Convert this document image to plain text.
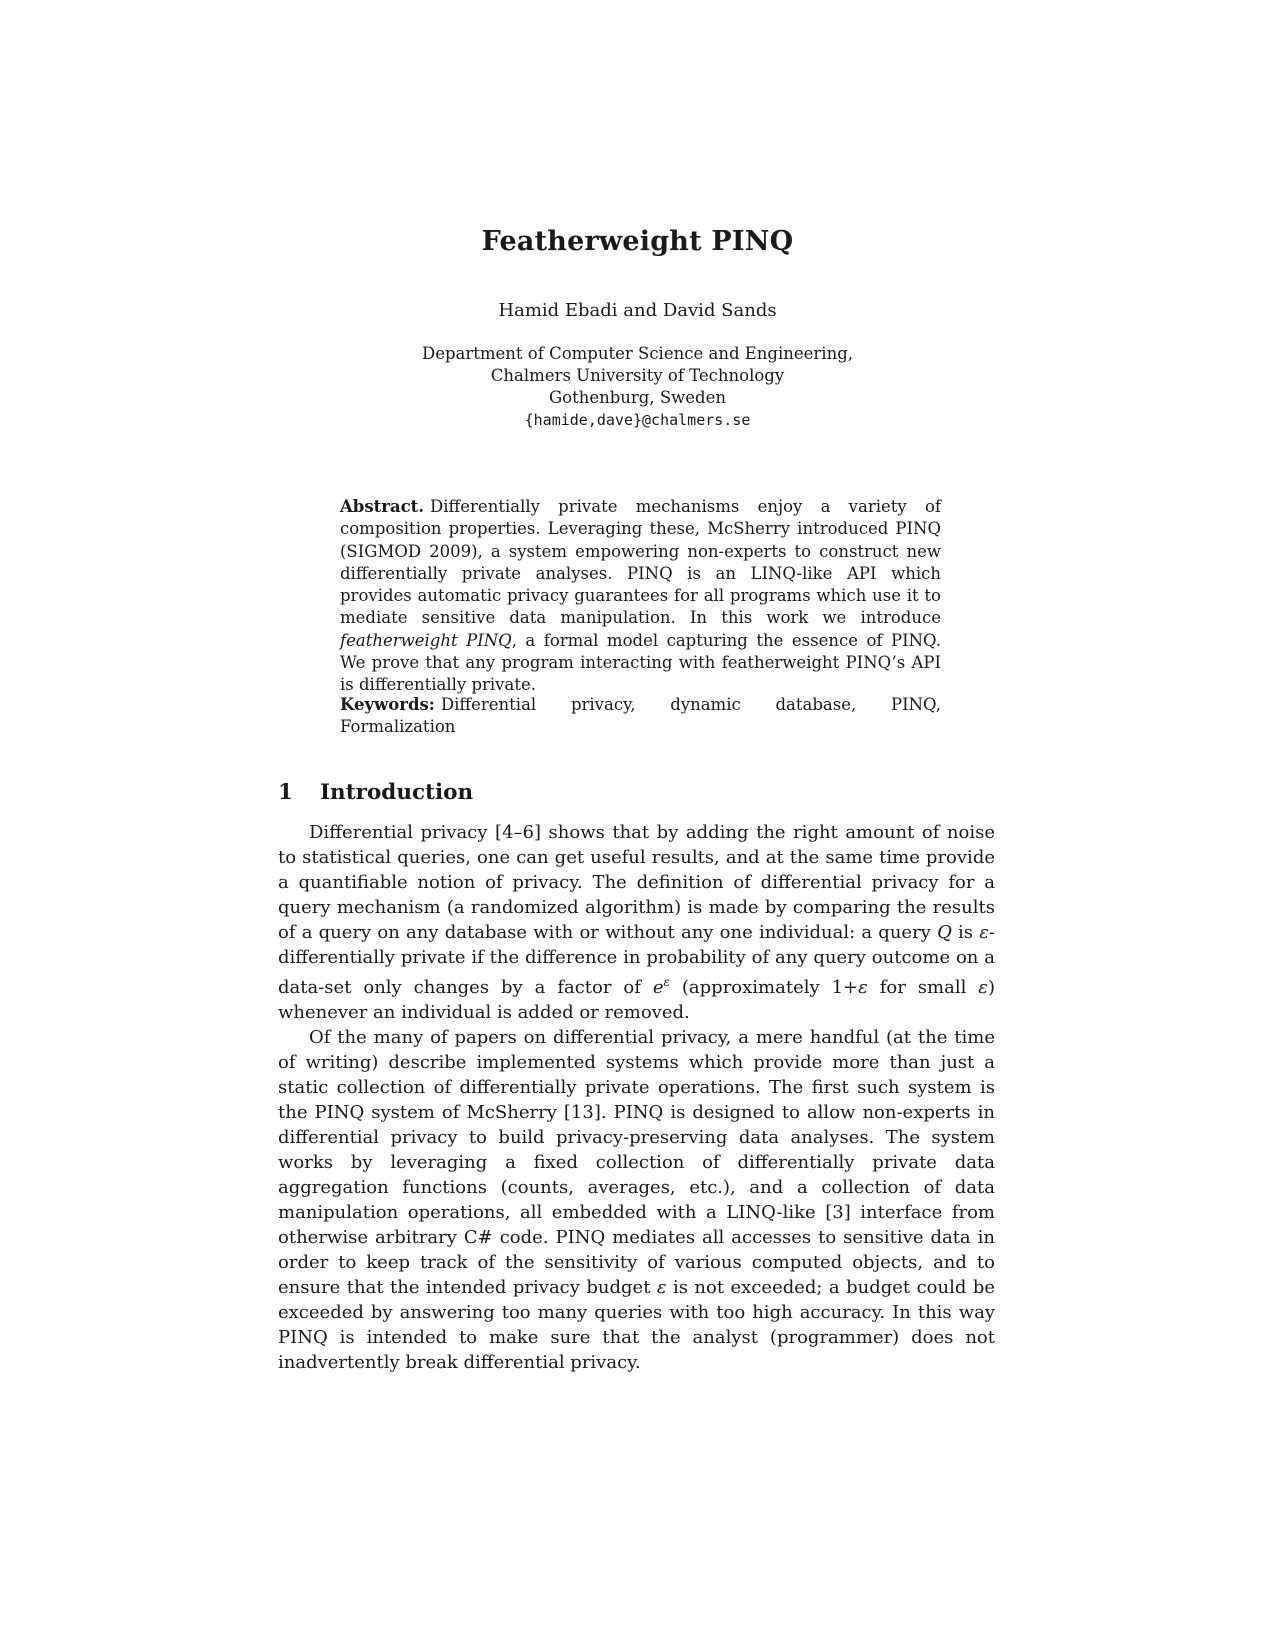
Featherweight PINQ
Hamid Ebadi and David Sands
Department of Computer Science and Engineering,
Chalmers University of Technology
Gothenburg, Sweden
{hamide,dave}@chalmers.se
Abstract. Differentially private mechanisms enjoy a variety of composition properties. Leveraging these, McSherry introduced PINQ (SIGMOD 2009), a system empowering non-experts to construct new differentially private analyses. PINQ is an LINQ-like API which provides automatic privacy guarantees for all programs which use it to mediate sensitive data manipulation. In this work we introduce featherweight PINQ, a formal model capturing the essence of PINQ. We prove that any program interacting with featherweight PINQ’s API is differentially private.
Keywords: Differential privacy, dynamic database, PINQ, Formalization
1 Introduction

Differential privacy [4–6] shows that by adding the right amount of noise to statistical queries, one can get useful results, and at the same time provide a quantifiable notion of privacy. The definition of differential privacy for a query mechanism (a randomized algorithm) is made by comparing the results of a query on any database with or without any one individual: a query Q is ε-differentially private if the difference in probability of any query outcome on a data-set only changes by a factor of $e^\varepsilon$ (approximately 1+ε for small ε) whenever an individual is added or removed.

Of the many of papers on differential privacy, a mere handful (at the time of writing) describe implemented systems which provide more than just a static collection of differentially private operations. The first such system is the PINQ system of McSherry [13]. PINQ is designed to allow non-experts in differential privacy to build privacy-preserving data analyses. The system works by leveraging a fixed collection of differentially private data aggregation functions (counts, averages, etc.), and a collection of data manipulation operations, all embedded with a LINQ-like [3] interface from otherwise arbitrary C# code. PINQ mediates all accesses to sensitive data in order to keep track of the sensitivity of various computed objects, and to ensure that the intended privacy budget ε is not exceeded; a budget could be exceeded by answering too many queries with too high accuracy. In this way PINQ is intended to make sure that the analyst (programmer) does not inadvertently break differential privacy.
